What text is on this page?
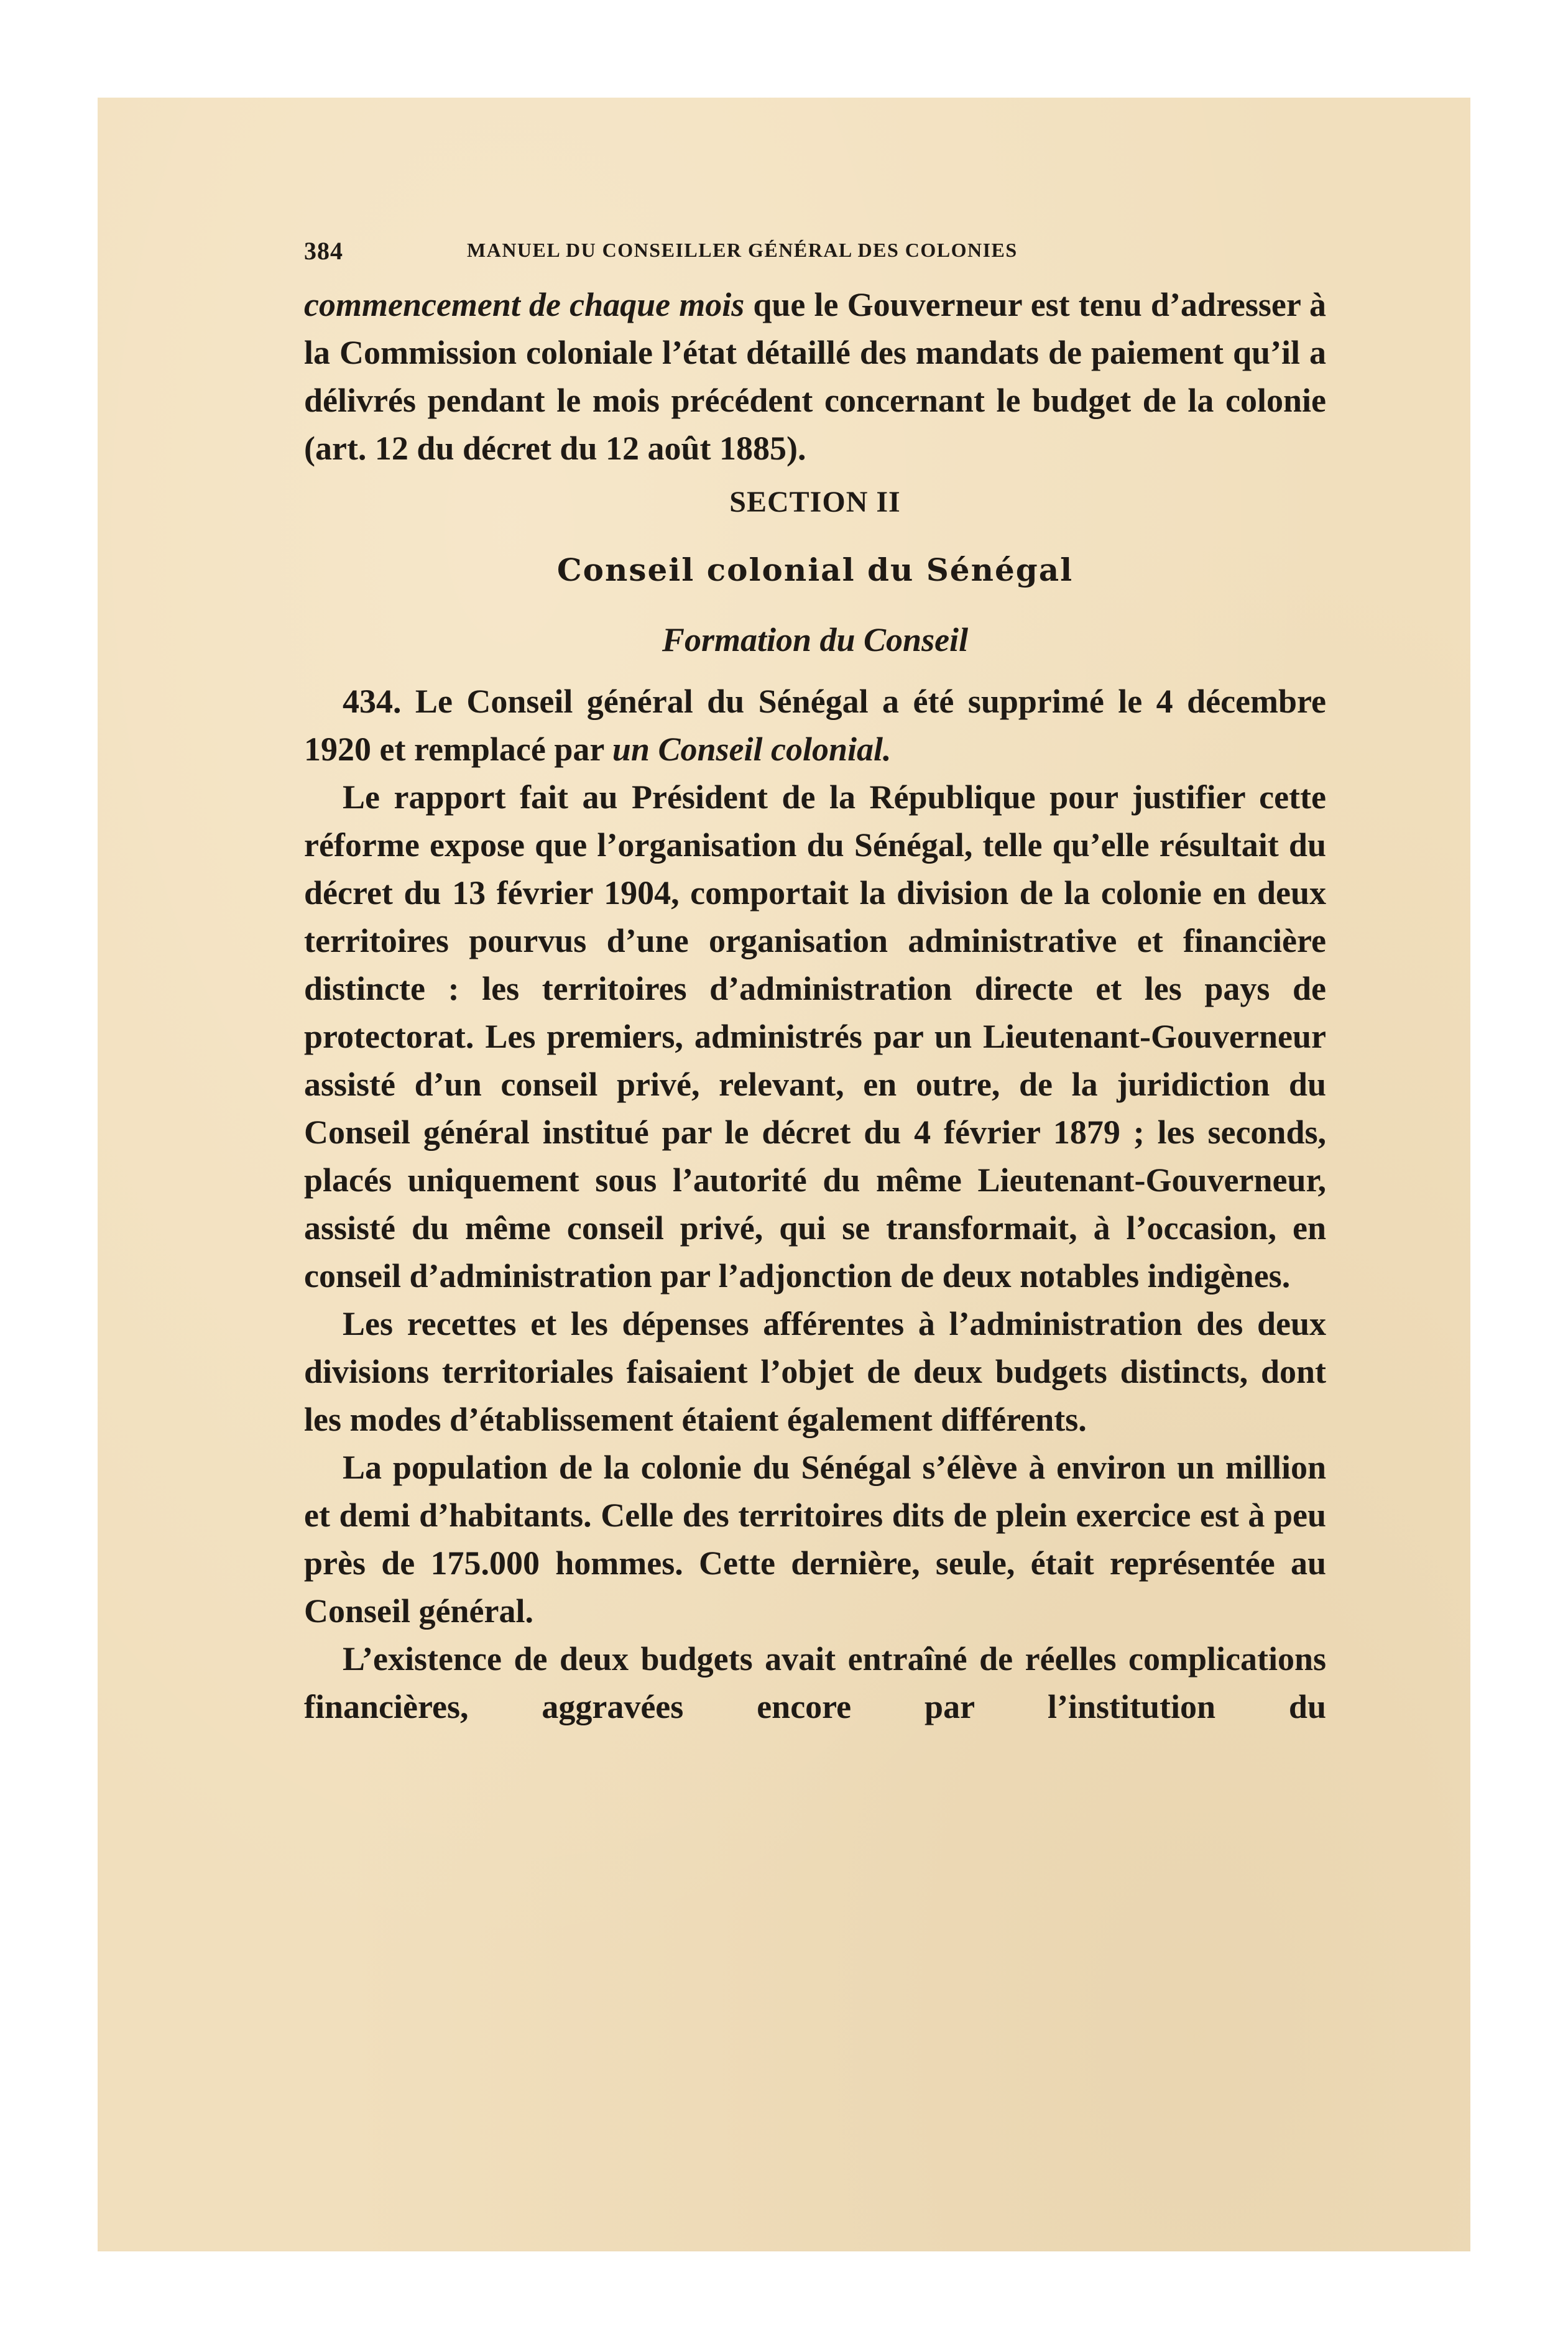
384	MANUEL DU CONSEILLER GÉNÉRAL DES COLONIES

commencement de chaque mois que le Gouverneur est tenu d’adresser à la Commission coloniale l’état détaillé des mandats de paiement qu’il a délivrés pendant le mois précédent concernant le budget de la colonie (art. 12 du décret du 12 août 1885).

SECTION II
Conseil colonial du Sénégal
Formation du Conseil

434. Le Conseil général du Sénégal a été supprimé le 4 décembre 1920 et remplacé par un Conseil colonial.

Le rapport fait au Président de la République pour justifier cette réforme expose que l’organisation du Sénégal, telle qu’elle résultait du décret du 13 février 1904, comportait la division de la colonie en deux territoires pourvus d’une organisation administrative et financière distincte : les territoires d’administration directe et les pays de protectorat. Les premiers, administrés par un Lieutenant-Gouverneur assisté d’un conseil privé, relevant, en outre, de la juridiction du Conseil général institué par le décret du 4 février 1879 ; les seconds, placés uniquement sous l’autorité du même Lieutenant-Gouverneur, assisté du même conseil privé, qui se transformait, à l’occasion, en conseil d’administration par l’adjonction de deux notables indigènes.

Les recettes et les dépenses afférentes à l’administration des deux divisions territoriales faisaient l’objet de deux budgets distincts, dont les modes d’établissement étaient également différents.

La population de la colonie du Sénégal s’élève à environ un million et demi d’habitants. Celle des territoires dits de plein exercice est à peu près de 175.000 hommes. Cette dernière, seule, était représentée au Conseil général.

L’existence de deux budgets avait entraîné de réelles complications financières, aggravées encore par l’institution du
